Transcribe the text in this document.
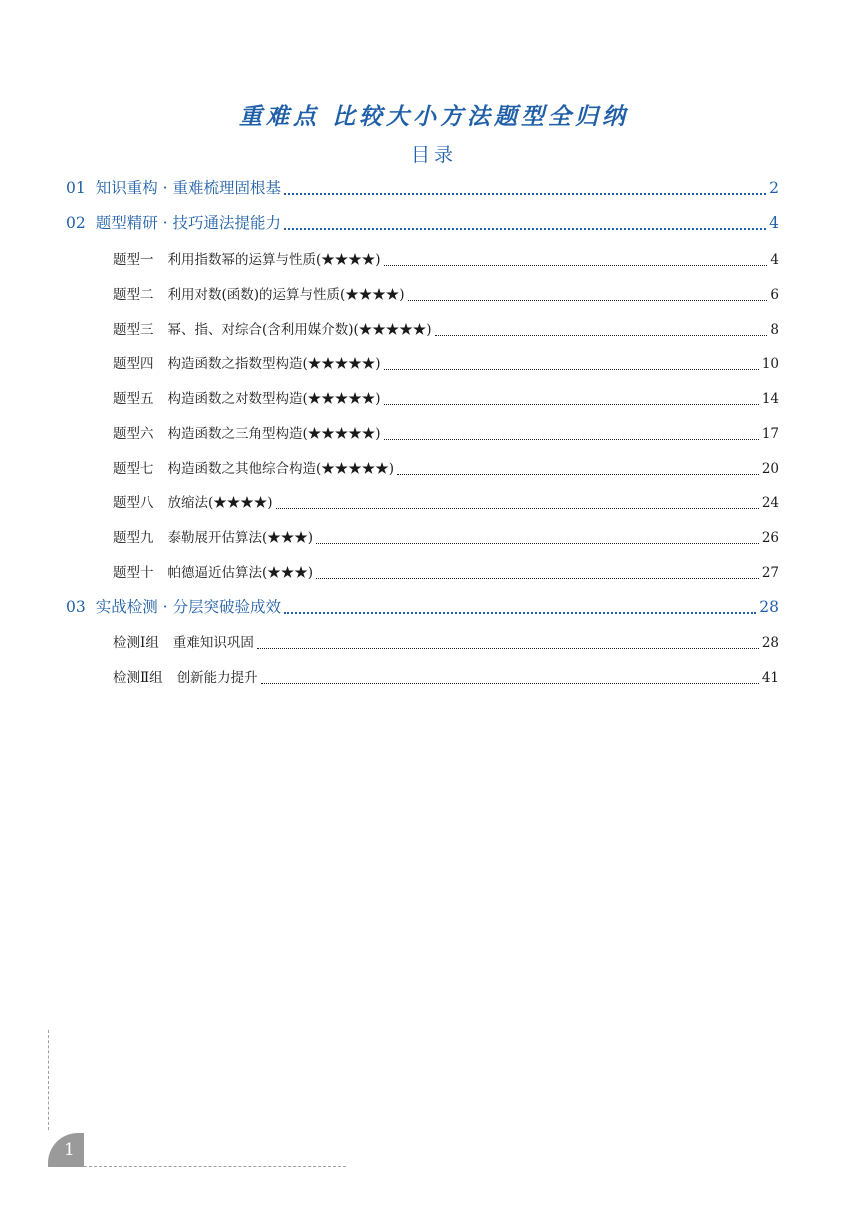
重难点 比较大小方法题型全归纳
目录
01 知识重构 · 重难梳理固根基	2
02 题型精研 · 技巧通法提能力	4
题型一 利用指数幂的运算与性质(★★★★)	4
题型二 利用对数(函数)的运算与性质(★★★★)	6
题型三 幂、指、对综合(含利用媒介数)(★★★★★)	8
题型四 构造函数之指数型构造(★★★★★)	10
题型五 构造函数之对数型构造(★★★★★)	14
题型六 构造函数之三角型构造(★★★★★)	17
题型七 构造函数之其他综合构造(★★★★★)	20
题型八 放缩法(★★★★)	24
题型九 泰勒展开估算法(★★★)	26
题型十 帕德逼近估算法(★★★)	27
03 实战检测 · 分层突破验成效	28
检测Ⅰ组 重难知识巩固	28
检测Ⅱ组 创新能力提升	41
1
